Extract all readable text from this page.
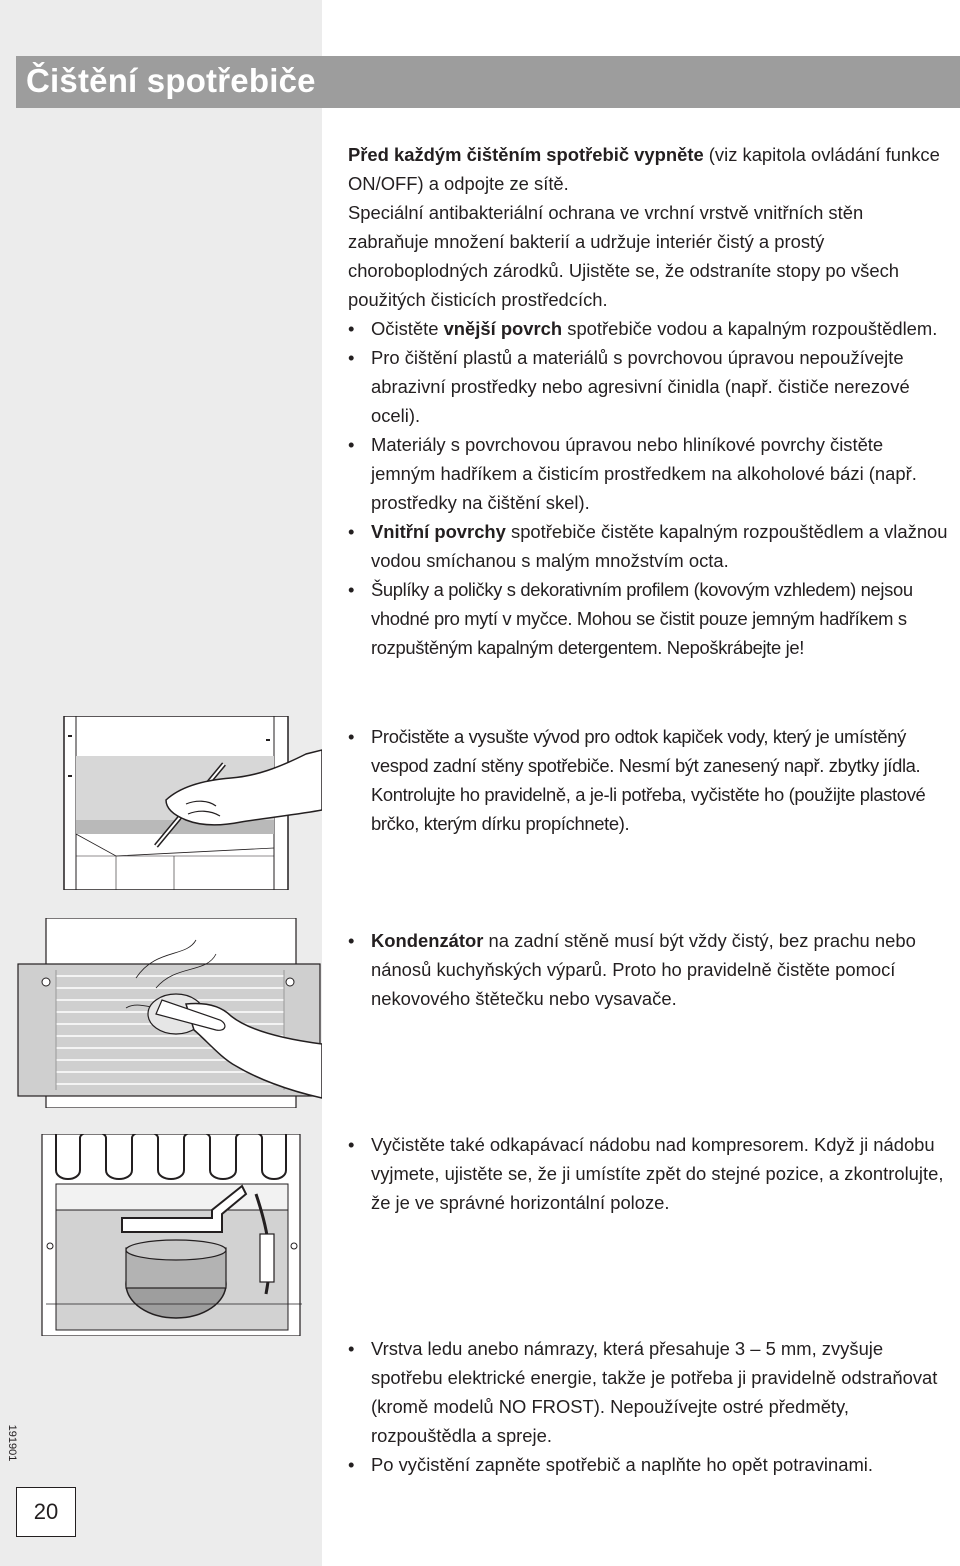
Čištění spotřebiče

Před každým čištěním spotřebič vypněte (viz kapitola ovládání funkce ON/OFF) a odpojte ze sítě.

Speciální antibakteriální ochrana ve vrchní vrstvě vnitřních stěn zabraňuje množení bakterií a udržuje interiér čistý a prostý choroboplodných zárodků. Ujistěte se, že odstraníte stopy po všech použitých čisticích prostředcích.

• Očistěte vnější povrch spotřebiče vodou a kapalným rozpouštědlem.
• Pro čištění plastů a materiálů s povrchovou úpravou nepoužívejte abrazivní prostředky nebo agresivní činidla (např. čističe nerezové oceli).
• Materiály s povrchovou úpravou nebo hliníkové povrchy čistěte jemným hadříkem a čisticím prostředkem na alkoholové bázi (např. prostředky na čištění skel).
• Vnitřní povrchy spotřebiče čistěte kapalným rozpouštědlem a vlažnou vodou smíchanou s malým množstvím octa.
• Šuplíky a poličky s dekorativním profilem (kovovým vzhledem) nejsou vhodné pro mytí v myčce. Mohou se čistit pouze jemným hadříkem s rozpuštěným kapalným detergentem. Nepoškrábejte je!
• Pročistěte a vysušte vývod pro odtok kapiček vody, který je umístěný vespod zadní stěny spotřebiče. Nesmí být zanesený např. zbytky jídla. Kontrolujte ho pravidelně, a je-li potřeba, vyčistěte ho (použijte plastové brčko, kterým dírku propíchnete).
• Kondenzátor na zadní stěně musí být vždy čistý, bez prachu nebo nánosů kuchyňských výparů. Proto ho pravidelně čistěte pomocí nekovového štětečku nebo vysavače.
• Vyčistěte také odkapávací nádobu nad kompresorem. Když ji nádobu vyjmete, ujistěte se, že ji umístíte zpět do stejné pozice, a zkontrolujte, že je ve správné horizontální poloze.
• Vrstva ledu anebo námrazy, která přesahuje 3 – 5 mm, zvyšuje spotřebu elektrické energie, takže je potřeba ji pravidelně odstraňovat (kromě modelů NO FROST). Nepoužívejte ostré předměty, rozpouštědla a spreje.
• Po vyčistění zapněte spotřebič a naplňte ho opět potravinami.
191901
20
